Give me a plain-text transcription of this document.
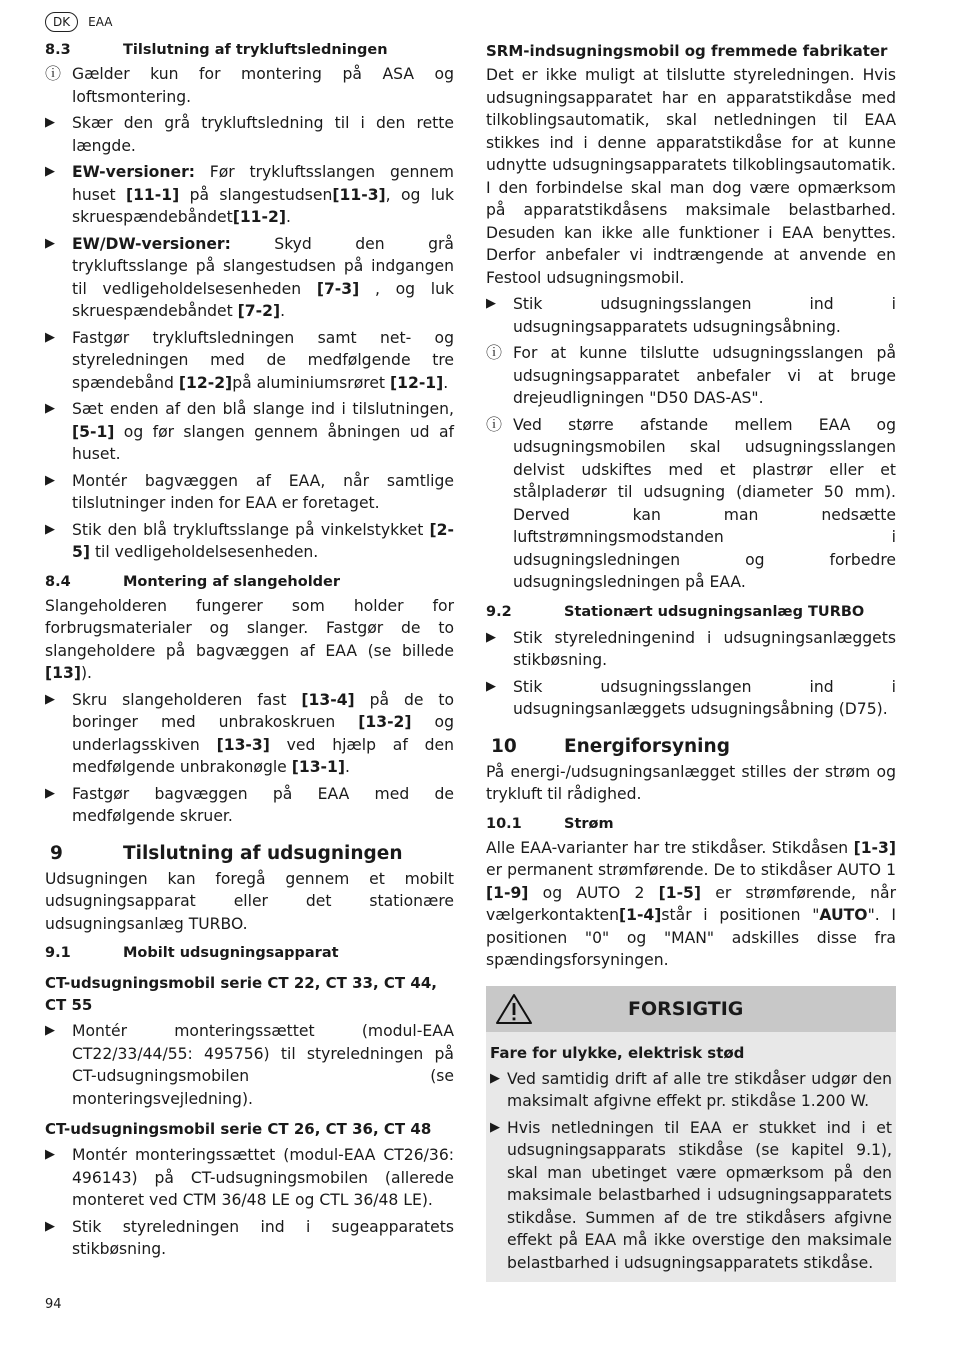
DK	EAA
8.3	Tilslutning af trykluftsledningen
ⓘ Gælder kun for montering på ASA og loftsmontering.
▶	Skær den grå trykluftsledning til i den rette længde.
▶	EW-versioner: Før trykluftsslangen gennem huset [11-1] på slangestudsen[11-3], og luk skruespændebåndet[11-2].
▶	EW/DW-versioner: Skyd den grå trykluftsslange på slangestudsen på indgangen til vedligeholdelsesenheden [7-3] , og luk skruespændebåndet [7-2].
▶	Fastgør trykluftsledningen samt net- og styreledningen med de medfølgende tre spændebånd [12-2]på aluminiumsrøret [12-1].
▶	Sæt enden af den blå slange ind i tilslutningen,[5-1] og før slangen gennem åbningen ud af huset.
▶	Montér bagvæggen af EAA, når samtlige tilslutninger inden for EAA er foretaget.
▶	Stik den blå trykluftsslange på vinkelstykket [2-5] til vedligeholdelsesenheden.
8.4	Montering af slangeholder

Slangeholderen fungerer som holder for forbrugsmaterialer og slanger. Fastgør de to slangeholdere på bagvæggen af EAA (se billede [13]).

▶	Skru slangeholderen fast [13-4] på de to boringer med unbrakoskruen [13-2] og underlagsskiven [13-3] ved hjælp af den medfølgende unbrakonøgle [13-1].
▶	Fastgør bagvæggen på EAA med de medfølgende skruer.
9	Tilslutning af udsugningen

Udsugningen kan foregå gennem et mobilt udsugningsapparat eller det stationære udsugningsanlæg TURBO.

9.1	Mobilt udsugningsapparat
CT-udsugningsmobil serie CT 22, CT 33, CT 44, CT 55
▶	Montér monteringssættet (modul-EAA CT22/33/44/55: 495756) til styreledningen på CT-udsugningsmobilen (se monteringsvejledning).
CT-udsugningsmobil serie CT 26, CT 36, CT 48
▶	Montér monteringssættet (modul-EAA CT26/36: 496143) på CT-udsugningsmobilen (allerede monteret ved CTM 36/48 LE og CTL 36/48 LE).
▶	Stik styreledningen ind i sugeapparatets stikbøsning.
SRM-indsugningsmobil og fremmede fabrikater

Det er ikke muligt at tilslutte styreledningen. Hvis udsugningsapparatet har en apparatstikdåse med tilkoblingsautomatik, skal netledningen til EAA stikkes ind i denne apparatstikdåse for at kunne udnytte udsugningsapparatets tilkoblingsautomatik. I den forbindelse skal man dog være opmærksom på apparatstikdåsens maksimale belastbarhed. Desuden kan ikke alle funktioner i EAA benyttes. Derfor anbefaler vi indtrængende at anvende en Festool udsugningsmobil.

▶	Stik udsugningsslangen ind i udsugningsapparatets udsugningsåbning.
ⓘ For at kunne tilslutte udsugningsslangen på udsugningsapparatet anbefaler vi at bruge drejeudligningen "D50 DAS-AS".
ⓘ Ved større afstande mellem EAA og udsugningsmobilen skal udsugningsslangen delvist udskiftes med et plastrør eller et stålpladerør til udsugning (diameter 50 mm). Derved kan man nedsætte luftstrømningsmodstanden i udsugningsledningen og forbedre udsugningsledningen på EAA.
9.2	Stationært udsugningsanlæg TURBO
▶	Stik styreledningenind i udsugningsanlæggets stikbøsning.
▶	Stik udsugningsslangen ind i udsugningsanlæggets udsugningsåbning (D75).
10	Energiforsyning

På energi-/udsugningsanlægget stilles der strøm og trykluft til rådighed.

10.1	Strøm

Alle EAA-varianter har tre stikdåser. Stikdåsen [1-3] er permanent strømførende. De to stikdåser AUTO 1 [1-9] og AUTO 2 [1-5] er strømførende, når vælgerkontakten[1-4]står i positionen "AUTO". I positionen "0" og "MAN" adskilles disse fra spændingsforsyningen.

FORSIGTIG
Fare for ulykke, elektrisk stød
▶ Ved samtidig drift af alle tre stikdåser udgør den maksimalt afgivne effekt pr. stikdåse 1.200 W.
▶ Hvis netledningen til EAA er stukket ind i et udsugningsapparats stikdåse (se kapitel 9.1), skal man ubetinget være opmærksom på den maksimale belastbarhed i udsugningsapparatets stikdåse. Summen af de tre stikdåsers afgivne effekt på EAA må ikke overstige den maksimale belastbarhed i udsugningsapparatets stikdåse.
94
